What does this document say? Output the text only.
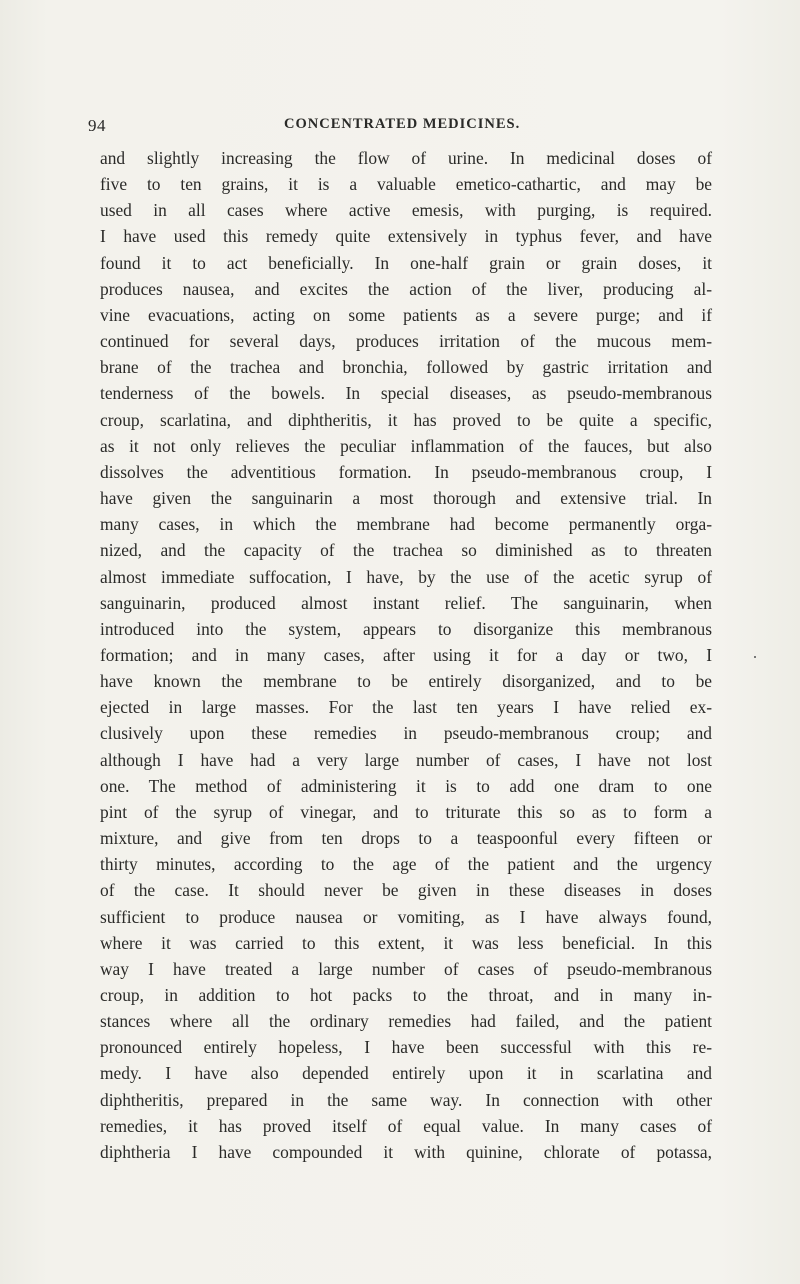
94	CONCENTRATED MEDICINES.
and slightly increasing the flow of urine. In medicinal doses of
five to ten grains, it is a valuable emetico-cathartic, and may be
used in all cases where active emesis, with purging, is required.
I have used this remedy quite extensively in typhus fever, and have
found it to act beneficially. In one-half grain or grain doses, it
produces nausea, and excites the action of the liver, producing al-
vine evacuations, acting on some patients as a severe purge; and if
continued for several days, produces irritation of the mucous mem-
brane of the trachea and bronchia, followed by gastric irritation and
tenderness of the bowels. In special diseases, as pseudo-membranous
croup, scarlatina, and diphtheritis, it has proved to be quite a specific,
as it not only relieves the peculiar inflammation of the fauces, but also
dissolves the adventitious formation. In pseudo-membranous croup, I
have given the sanguinarin a most thorough and extensive trial. In
many cases, in which the membrane had become permanently orga-
nized, and the capacity of the trachea so diminished as to threaten
almost immediate suffocation, I have, by the use of the acetic syrup of
sanguinarin, produced almost instant relief. The sanguinarin, when
introduced into the system, appears to disorganize this membranous
formation; and in many cases, after using it for a day or two, I
have known the membrane to be entirely disorganized, and to be
ejected in large masses. For the last ten years I have relied ex-
clusively upon these remedies in pseudo-membranous croup; and
although I have had a very large number of cases, I have not lost
one. The method of administering it is to add one dram to one
pint of the syrup of vinegar, and to triturate this so as to form a
mixture, and give from ten drops to a teaspoonful every fifteen or
thirty minutes, according to the age of the patient and the urgency
of the case. It should never be given in these diseases in doses
sufficient to produce nausea or vomiting, as I have always found,
where it was carried to this extent, it was less beneficial. In this
way I have treated a large number of cases of pseudo-membranous
croup, in addition to hot packs to the throat, and in many in-
stances where all the ordinary remedies had failed, and the patient
pronounced entirely hopeless, I have been successful with this re-
medy. I have also depended entirely upon it in scarlatina and
diphtheritis, prepared in the same way. In connection with other
remedies, it has proved itself of equal value. In many cases of
diphtheria I have compounded it with quinine, chlorate of potassa,
